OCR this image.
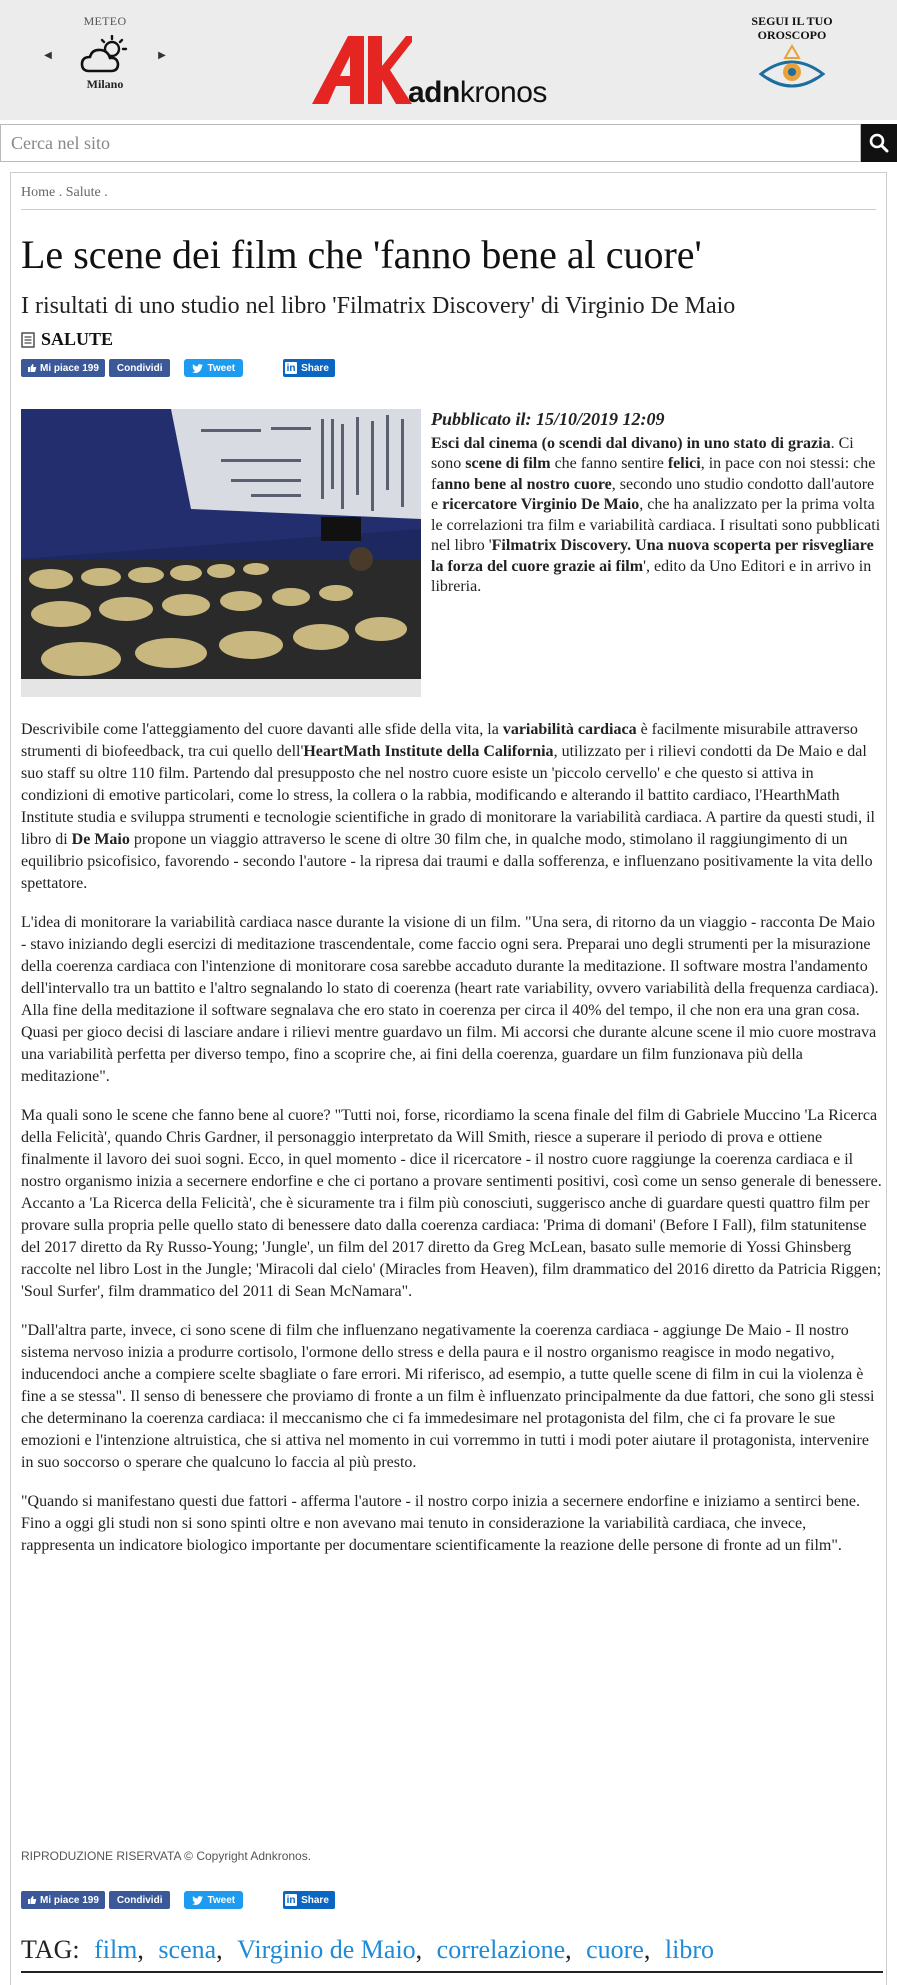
METEO
◀	▶
Milano	adnkronos
SEGUI IL TUO
OROSCOPO
Cerca nel sito
Home . Salute .
Le scene dei film che 'fanno bene al cuore'
I risultati di uno studio nel libro 'Filmatrix Discovery' di Virginio De Maio
SALUTE
Mi piace 199	Condividi	Tweet	in Share
Pubblicato il: 15/10/2019 12:09
Esci dal cinema (o scendi dal divano) in uno stato di grazia. Ci sono scene di film che fanno sentire felici, in pace con noi stessi: che fanno bene al nostro cuore, secondo uno studio condotto dall'autore e ricercatore Virginio De Maio, che ha analizzato per la prima volta le correlazioni tra film e variabilità cardiaca. I risultati sono pubblicati nel libro 'Filmatrix Discovery. Una nuova scoperta per risvegliare la forza del cuore grazie ai film', edito da Uno Editori e in arrivo in libreria.

Descrivibile come l'atteggiamento del cuore davanti alle sfide della vita, la variabilità cardiaca è facilmente misurabile attraverso strumenti di biofeedback, tra cui quello dell'HeartMath Institute della California, utilizzato per i rilievi condotti da De Maio e dal suo staff su oltre 110 film. Partendo dal presupposto che nel nostro cuore esiste un 'piccolo cervello' e che questo si attiva in condizioni di emotive particolari, come lo stress, la collera o la rabbia, modificando e alterando il battito cardiaco, l'HearthMath Institute studia e sviluppa strumenti e tecnologie scientifiche in grado di monitorare la variabilità cardiaca. A partire da questi studi, il libro di De Maio propone un viaggio attraverso le scene di oltre 30 film che, in qualche modo, stimolano il raggiungimento di un equilibrio psicofisico, favorendo - secondo l'autore - la ripresa dai traumi e dalla sofferenza, e influenzano positivamente la vita dello spettatore.

L'idea di monitorare la variabilità cardiaca nasce durante la visione di un film. "Una sera, di ritorno da un viaggio - racconta De Maio - stavo iniziando degli esercizi di meditazione trascendentale, come faccio ogni sera. Preparai uno degli strumenti per la misurazione della coerenza cardiaca con l'intenzione di monitorare cosa sarebbe accaduto durante la meditazione. Il software mostra l'andamento dell'intervallo tra un battito e l'altro segnalando lo stato di coerenza (heart rate variability, ovvero variabilità della frequenza cardiaca). Alla fine della meditazione il software segnalava che ero stato in coerenza per circa il 40% del tempo, il che non era una gran cosa. Quasi per gioco decisi di lasciare andare i rilievi mentre guardavo un film. Mi accorsi che durante alcune scene il mio cuore mostrava una variabilità perfetta per diverso tempo, fino a scoprire che, ai fini della coerenza, guardare un film funzionava più della meditazione".

Ma quali sono le scene che fanno bene al cuore? "Tutti noi, forse, ricordiamo la scena finale del film di Gabriele Muccino 'La Ricerca della Felicità', quando Chris Gardner, il personaggio interpretato da Will Smith, riesce a superare il periodo di prova e ottiene finalmente il lavoro dei suoi sogni. Ecco, in quel momento - dice il ricercatore - il nostro cuore raggiunge la coerenza cardiaca e il nostro organismo inizia a secernere endorfine e che ci portano a provare sentimenti positivi, così come un senso generale di benessere. Accanto a 'La Ricerca della Felicità', che è sicuramente tra i film più conosciuti, suggerisco anche di guardare questi quattro film per provare sulla propria pelle quello stato di benessere dato dalla coerenza cardiaca: 'Prima di domani' (Before I Fall), film statunitense del 2017 diretto da Ry Russo-Young; 'Jungle', un film del 2017 diretto da Greg McLean, basato sulle memorie di Yossi Ghinsberg raccolte nel libro Lost in the Jungle; 'Miracoli dal cielo' (Miracles from Heaven), film drammatico del 2016 diretto da Patricia Riggen; 'Soul Surfer', film drammatico del 2011 di Sean McNamara".

"Dall'altra parte, invece, ci sono scene di film che influenzano negativamente la coerenza cardiaca - aggiunge De Maio - Il nostro sistema nervoso inizia a produrre cortisolo, l'ormone dello stress e della paura e il nostro organismo reagisce in modo negativo, inducendoci anche a compiere scelte sbagliate o fare errori. Mi riferisco, ad esempio, a tutte quelle scene di film in cui la violenza è fine a se stessa". Il senso di benessere che proviamo di fronte a un film è influenzato principalmente da due fattori, che sono gli stessi che determinano la coerenza cardiaca: il meccanismo che ci fa immedesimare nel protagonista del film, che ci fa provare le sue emozioni e l'intenzione altruistica, che si attiva nel momento in cui vorremmo in tutti i modi poter aiutare il protagonista, intervenire in suo soccorso o sperare che qualcuno lo faccia al più presto.

"Quando si manifestano questi due fattori - afferma l'autore - il nostro corpo inizia a secernere endorfine e iniziamo a sentirci bene. Fino a oggi gli studi non si sono spinti oltre e non avevano mai tenuto in considerazione la variabilità cardiaca, che invece, rappresenta un indicatore biologico importante per documentare scientificamente la reazione delle persone di fronte ad un film".

RIPRODUZIONE RISERVATA © Copyright Adnkronos.
Mi piace 199	Condividi	Tweet	in Share
TAG: film, scena, Virginio de Maio, correlazione, cuore, libro
